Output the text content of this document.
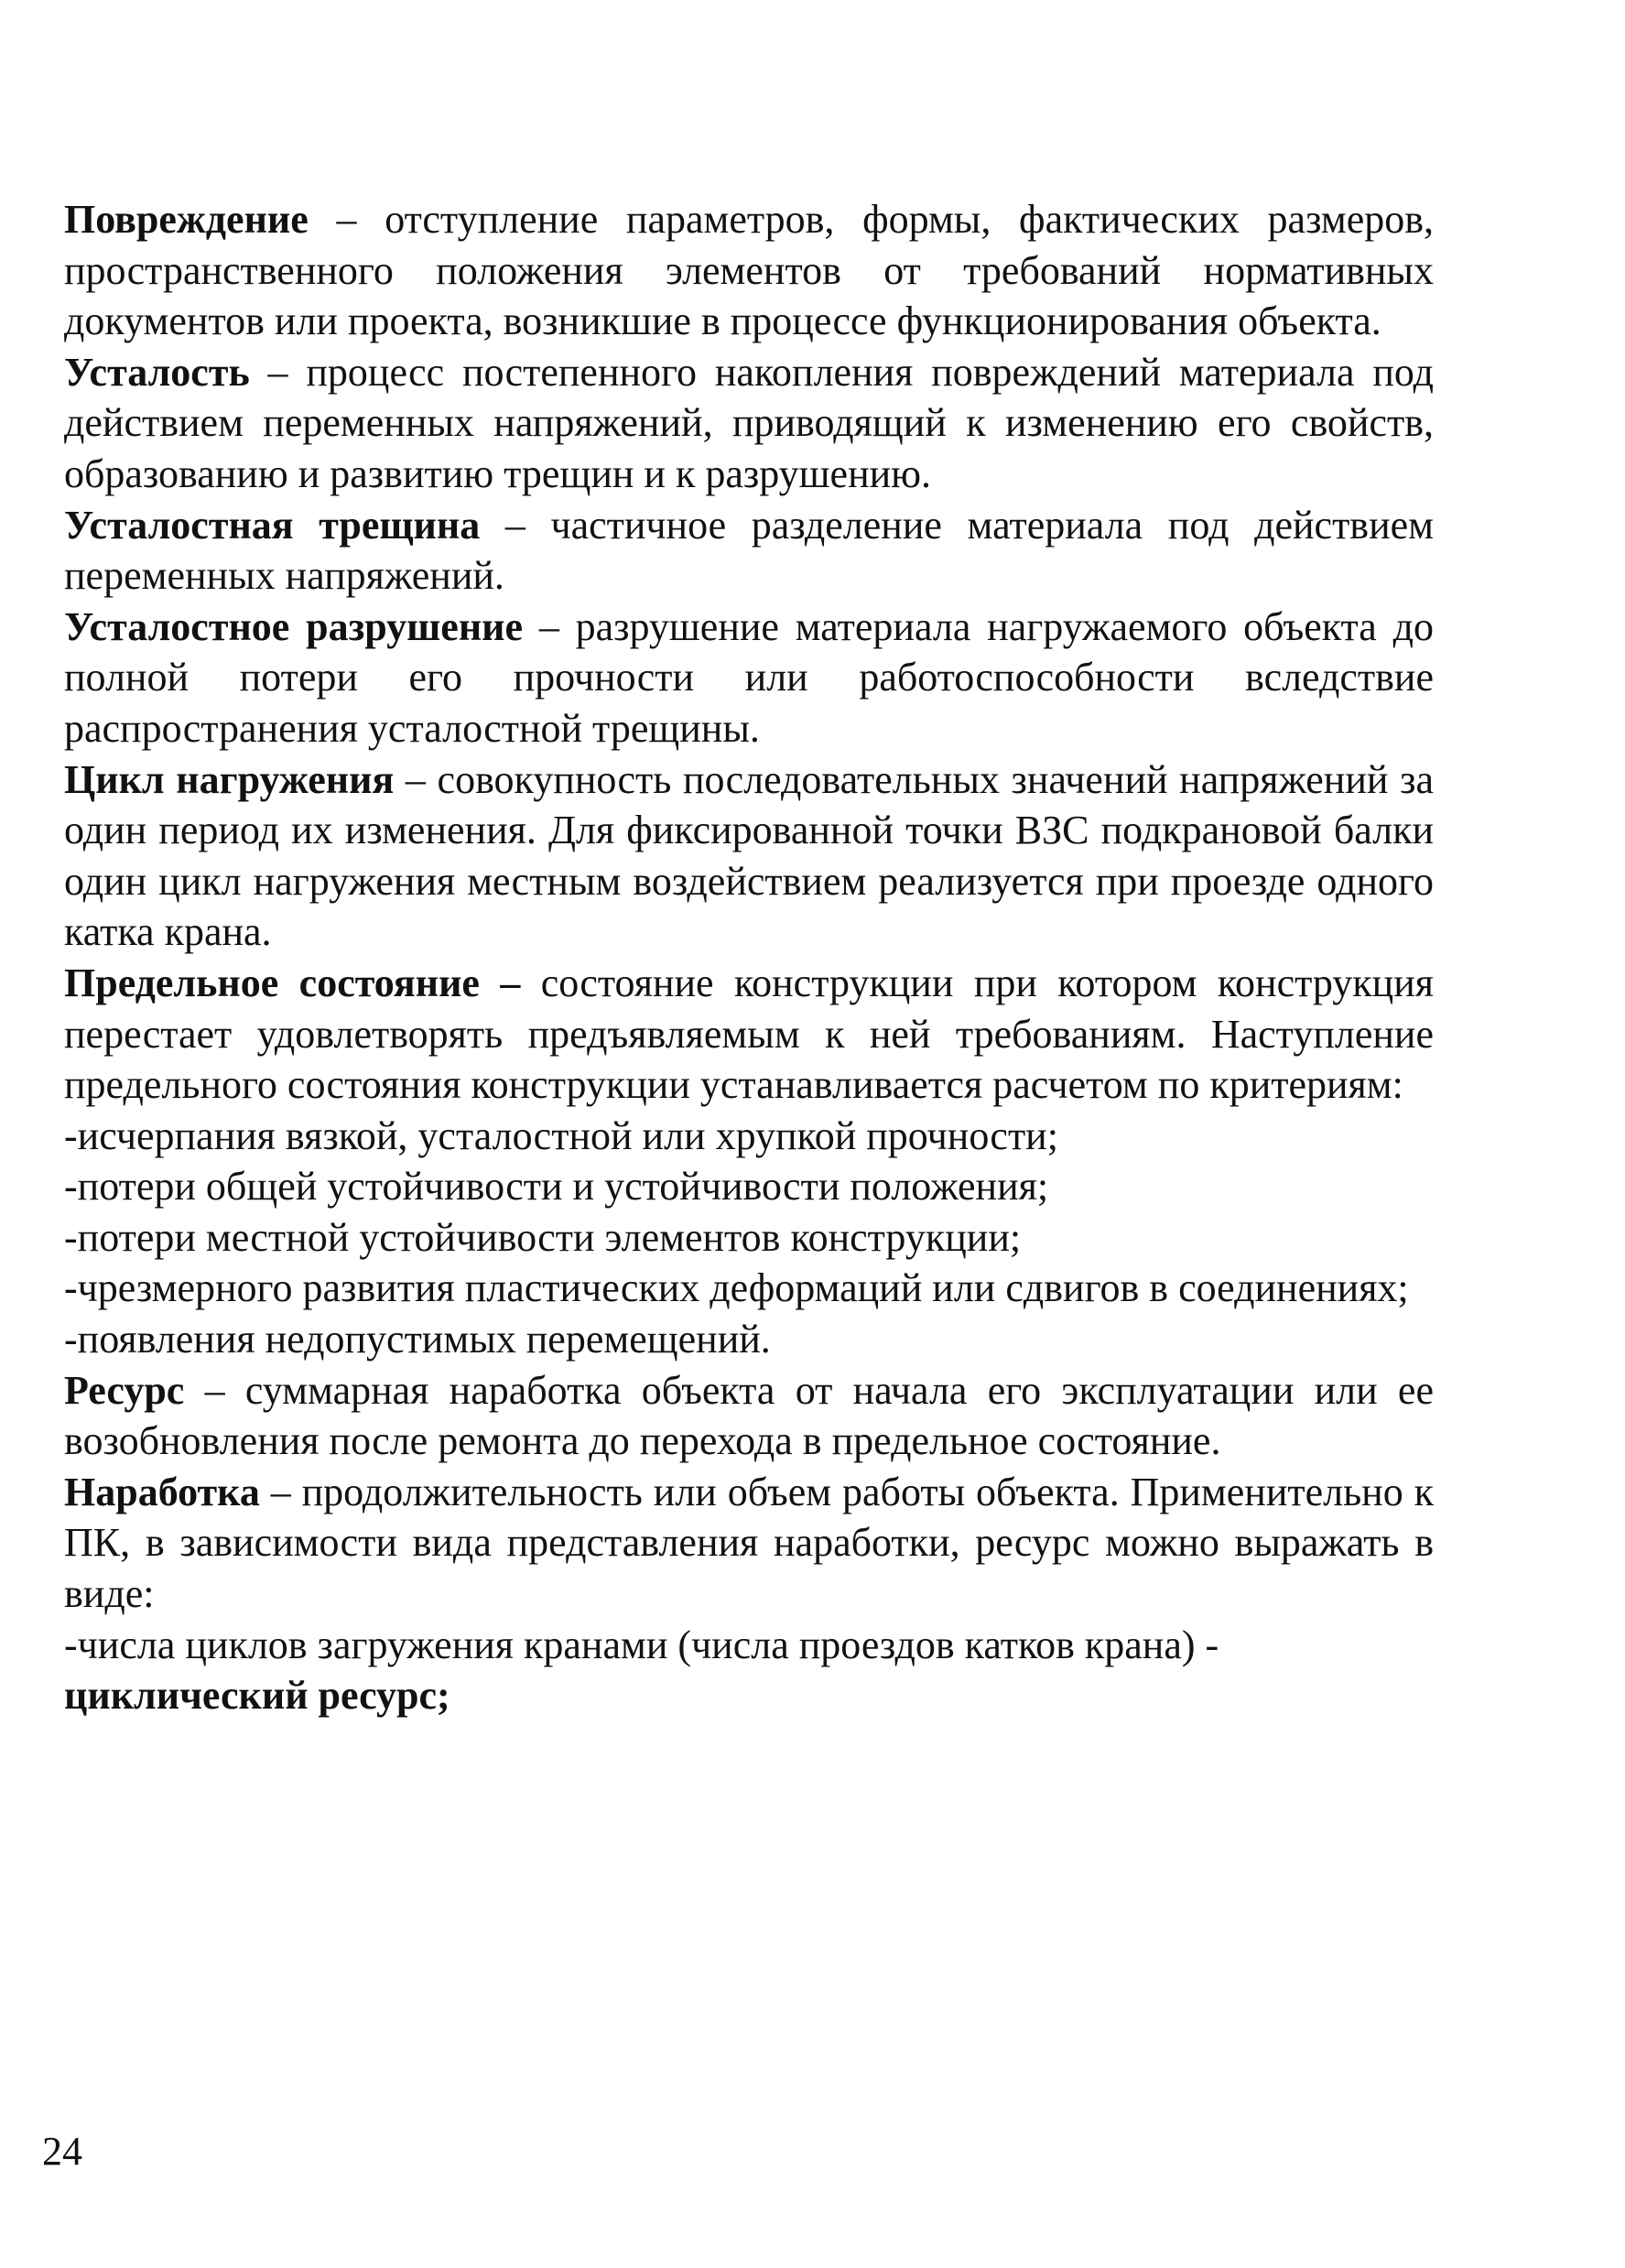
Повреждение – отступление параметров, формы, фактических размеров, пространственного положения элементов от требований нормативных документов или проекта, возникшие в процессе функционирования объекта.

Усталость – процесс постепенного накопления повреждений материала под действием переменных напряжений, приводящий к изменению его свойств, образованию и развитию трещин и к разрушению.

Усталостная трещина – частичное разделение материала под действием переменных напряжений.

Усталостное разрушение – разрушение материала нагружаемого объекта до полной потери его прочности или работоспособности вследствие распространения усталостной трещины.

Цикл нагружения – совокупность последовательных значений напряжений за один период их изменения. Для фиксированной точки ВЗС подкрановой балки один цикл нагружения местным воздействием реализуется при проезде одного катка крана.

Предельное состояние – состояние конструкции при котором конструкция перестает удовлетворять предъявляемым к ней требованиям. Наступление предельного состояния конструкции устанавливается расчетом по критериям:

-исчерпания вязкой, усталостной или хрупкой прочности;

-потери общей устойчивости и устойчивости положения;

-потери местной устойчивости элементов конструкции;

-чрезмерного развития пластических деформаций или сдвигов в соединениях;

-появления недопустимых перемещений.

Ресурс – суммарная наработка объекта от начала его эксплуатации или ее возобновления после ремонта до перехода в предельное состояние.

Наработка – продолжительность или объем работы объекта. Применительно к ПК, в зависимости вида представления наработки, ресурс можно выражать в виде:

-числа циклов загружения кранами (числа проездов катков крана) - циклический ресурс;

24
